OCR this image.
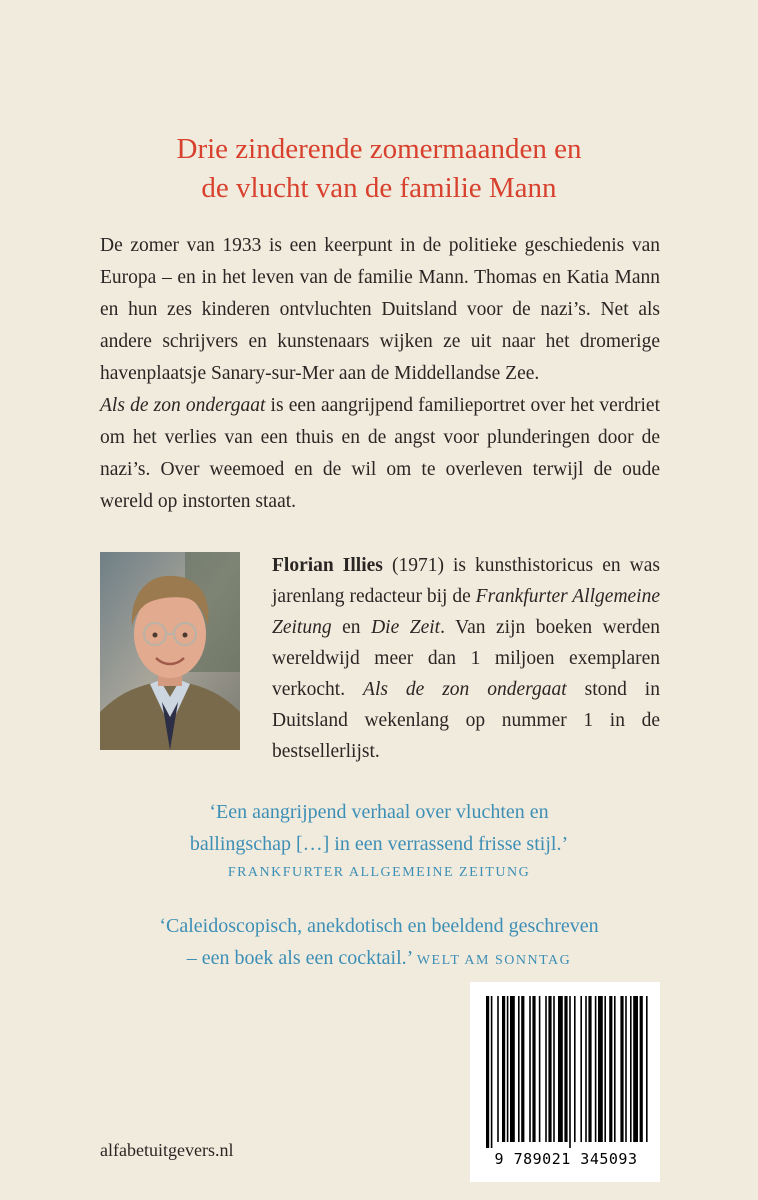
Drie zinderende zomermaanden en
de vlucht van de familie Mann

De zomer van 1933 is een keerpunt in de politieke geschiedenis van Europa – en in het leven van de familie Mann. Thomas en Katia Mann en hun zes kinderen ontvluchten Duitsland voor de nazi’s. Net als andere schrijvers en kunstenaars wijken ze uit naar het dromerige havenplaatsje Sanary-sur-Mer aan de Middellandse Zee.

Als de zon ondergaat is een aangrijpend familieportret over het verdriet om het verlies van een thuis en de angst voor plunderingen door de nazi’s. Over weemoed en de wil om te overleven terwijl de oude wereld op instorten staat.

Florian Illies (1971) is kunsthistoricus en was jarenlang redacteur bij de Frankfurter Allgemeine Zeitung en Die Zeit. Van zijn boeken werden wereldwijd meer dan 1 miljoen exemplaren verkocht. Als de zon ondergaat stond in Duitsland wekenlang op nummer 1 in de bestsellerlijst.
‘Een aangrijpend verhaal over vluchten en
ballingschap […] in een verrassend frisse stijl.’
FRANKFURTER ALLGEMEINE ZEITUNG
‘Caleidoscopisch, anekdotisch en beeldend geschreven
– een boek als een cocktail.’ WELT AM SONNTAG
9 789021 345093
alfabetuitgevers.nl
